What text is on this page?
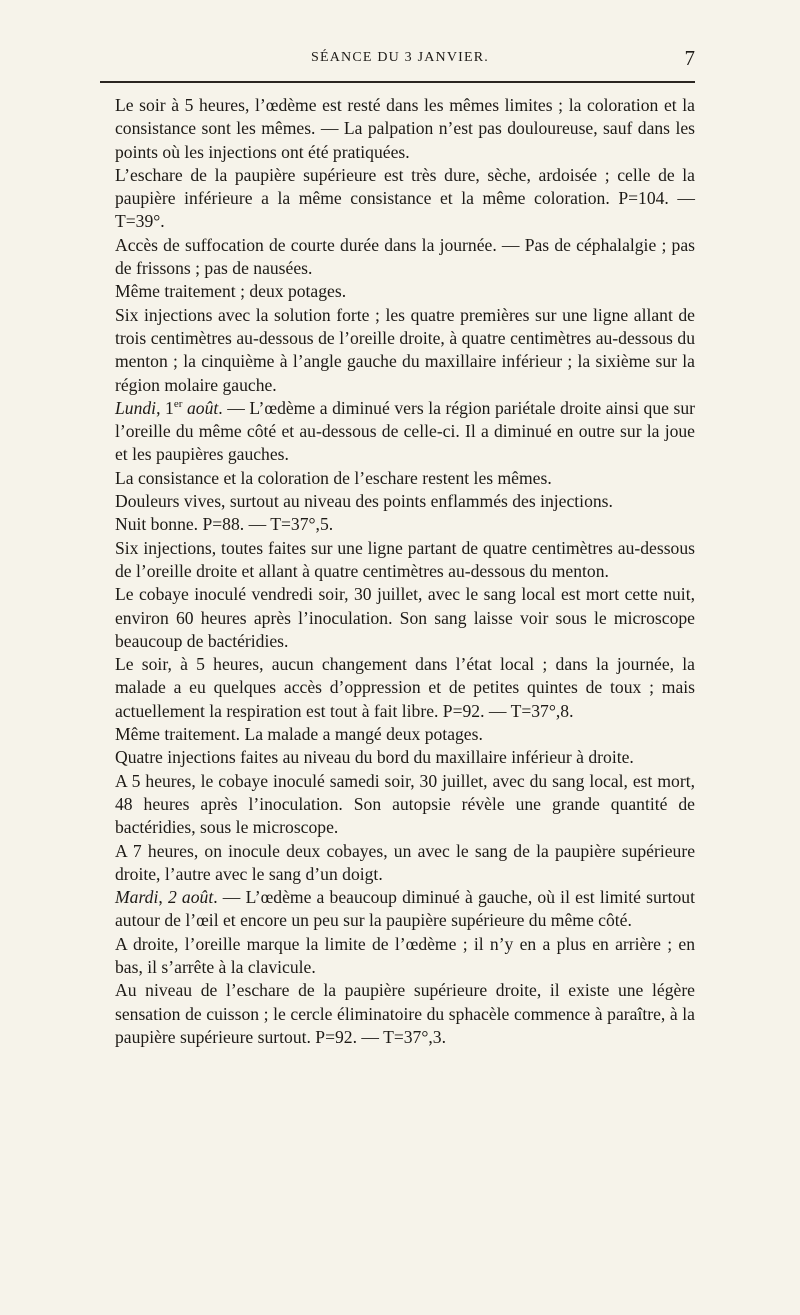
SÉANCE DU 3 JANVIER.	7

Le soir à 5 heures, l’œdème est resté dans les mêmes limites ; la coloration et la consistance sont les mêmes. — La palpation n’est pas douloureuse, sauf dans les points où les injections ont été pratiquées.

L’eschare de la paupière supérieure est très dure, sèche, ardoisée ; celle de la paupière inférieure a la même consistance et la même coloration. P=104. — T=39°.

Accès de suffocation de courte durée dans la journée. — Pas de céphalalgie ; pas de frissons ; pas de nausées.

Même traitement ; deux potages.

Six injections avec la solution forte ; les quatre premières sur une ligne allant de trois centimètres au-dessous de l’oreille droite, à quatre centimètres au-dessous du menton ; la cinquième à l’angle gauche du maxillaire inférieur ; la sixième sur la région molaire gauche.

Lundi, 1er août. — L’œdème a diminué vers la région pariétale droite ainsi que sur l’oreille du même côté et au-dessous de celle-ci. Il a diminué en outre sur la joue et les paupières gauches.

La consistance et la coloration de l’eschare restent les mêmes.

Douleurs vives, surtout au niveau des points enflammés des injections.

Nuit bonne. P=88. — T=37°,5.

Six injections, toutes faites sur une ligne partant de quatre centimètres au-dessous de l’oreille droite et allant à quatre centimètres au-dessous du menton.

Le cobaye inoculé vendredi soir, 30 juillet, avec le sang local est mort cette nuit, environ 60 heures après l’inoculation. Son sang laisse voir sous le microscope beaucoup de bactéridies.

Le soir, à 5 heures, aucun changement dans l’état local ; dans la journée, la malade a eu quelques accès d’oppression et de petites quintes de toux ; mais actuellement la respiration est tout à fait libre. P=92. — T=37°,8.

Même traitement. La malade a mangé deux potages.

Quatre injections faites au niveau du bord du maxillaire inférieur à droite.

A 5 heures, le cobaye inoculé samedi soir, 30 juillet, avec du sang local, est mort, 48 heures après l’inoculation. Son autopsie révèle une grande quantité de bactéridies, sous le microscope.

A 7 heures, on inocule deux cobayes, un avec le sang de la paupière supérieure droite, l’autre avec le sang d’un doigt.

Mardi, 2 août. — L’œdème a beaucoup diminué à gauche, où il est limité surtout autour de l’œil et encore un peu sur la paupière supérieure du même côté.

A droite, l’oreille marque la limite de l’œdème ; il n’y en a plus en arrière ; en bas, il s’arrête à la clavicule.

Au niveau de l’eschare de la paupière supérieure droite, il existe une légère sensation de cuisson ; le cercle éliminatoire du sphacèle commence à paraître, à la paupière supérieure surtout. P=92. — T=37°,3.
